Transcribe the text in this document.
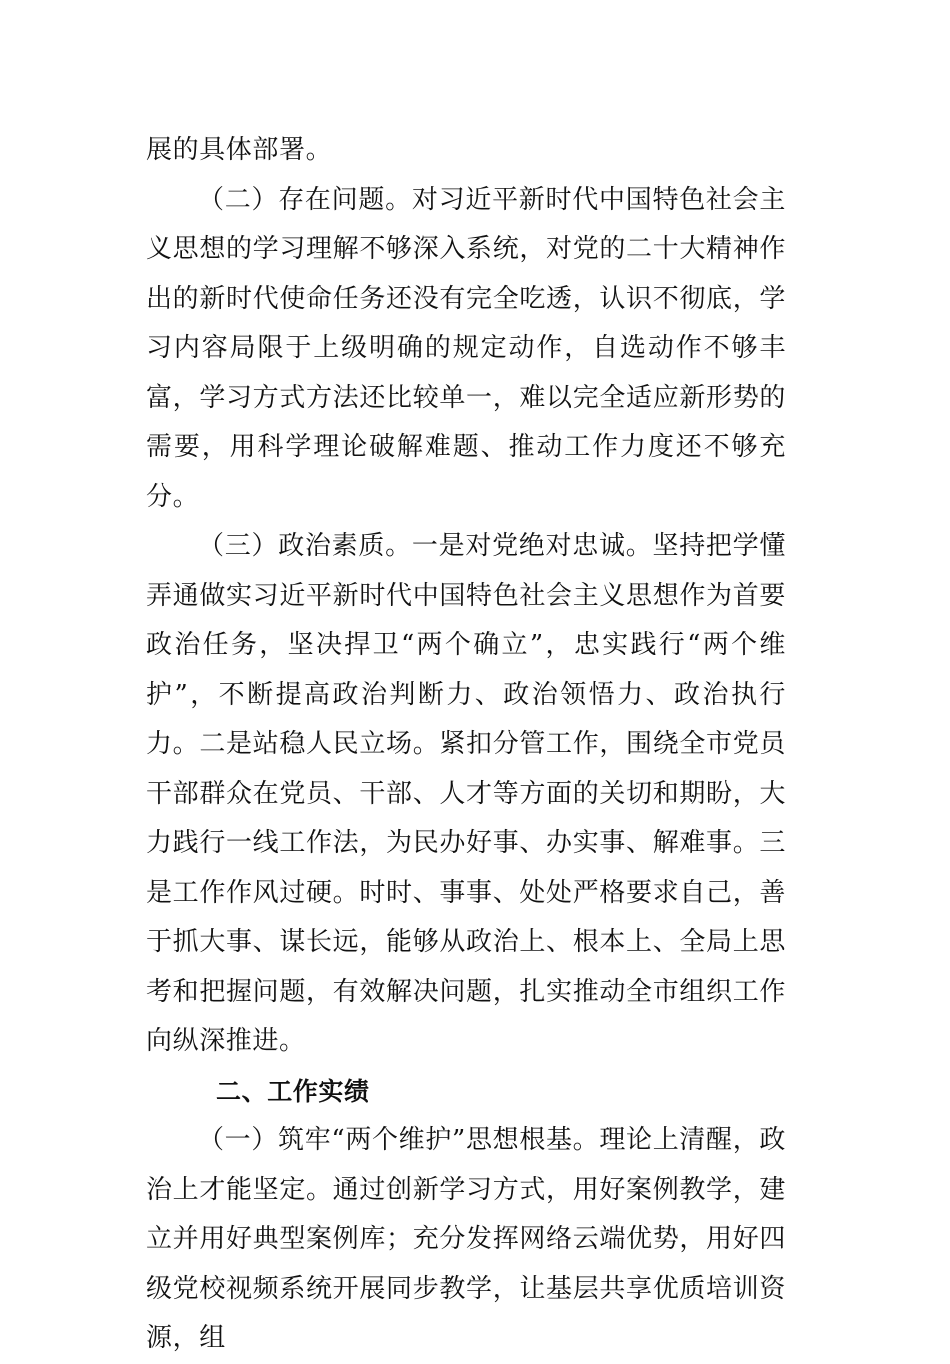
展的具体部署。

（二）存在问题。对习近平新时代中国特色社会主义思想的学习理解不够深入系统，对党的二十大精神作出的新时代使命任务还没有完全吃透，认识不彻底，学习内容局限于上级明确的规定动作，自选动作不够丰富，学习方式方法还比较单一，难以完全适应新形势的需要，用科学理论破解难题、推动工作力度还不够充分。

（三）政治素质。一是对党绝对忠诚。坚持把学懂弄通做实习近平新时代中国特色社会主义思想作为首要政治任务，坚决捍卫“两个确立”，忠实践行“两个维护”，不断提高政治判断力、政治领悟力、政治执行力。二是站稳人民立场。紧扣分管工作，围绕全市党员干部群众在党员、干部、人才等方面的关切和期盼，大力践行一线工作法，为民办好事、办实事、解难事。三是工作作风过硬。时时、事事、处处严格要求自己，善于抓大事、谋长远，能够从政治上、根本上、全局上思考和把握问题，有效解决问题，扎实推动全市组织工作向纵深推进。

二、工作实绩

（一）筑牢“两个维护”思想根基。理论上清醒，政治上才能坚定。通过创新学习方式，用好案例教学，建立并用好典型案例库；充分发挥网络云端优势，用好四级党校视频系统开展同步教学，让基层共享优质培训资源，组
